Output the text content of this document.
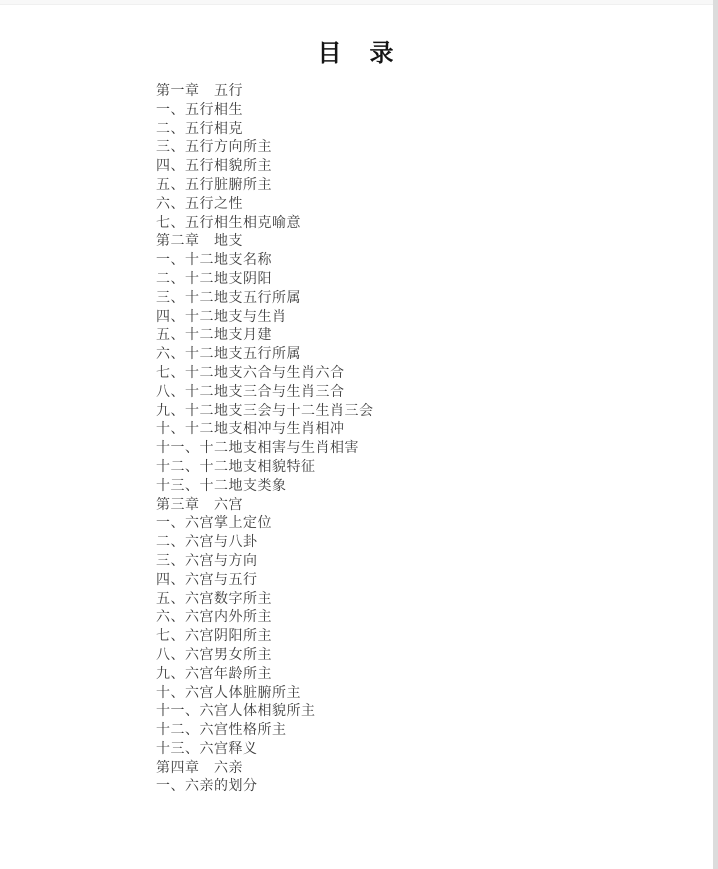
目　录
第一章　五行
一、五行相生
二、五行相克
三、五行方向所主
四、五行相貌所主
五、五行脏腑所主
六、五行之性
七、五行相生相克喻意
第二章　地支
一、十二地支名称
二、十二地支阴阳
三、十二地支五行所属
四、十二地支与生肖
五、十二地支月建
六、十二地支五行所属
七、十二地支六合与生肖六合
八、十二地支三合与生肖三合
九、十二地支三会与十二生肖三会
十、十二地支相冲与生肖相冲
十一、十二地支相害与生肖相害
十二、十二地支相貌特征
十三、十二地支类象
第三章　六宫
一、六宫掌上定位
二、六宫与八卦
三、六宫与方向
四、六宫与五行
五、六宫数字所主
六、六宫内外所主
七、六宫阴阳所主
八、六宫男女所主
九、六宫年龄所主
十、六宫人体脏腑所主
十一、六宫人体相貌所主
十二、六宫性格所主
十三、六宫释义
第四章　六亲
一、六亲的划分
